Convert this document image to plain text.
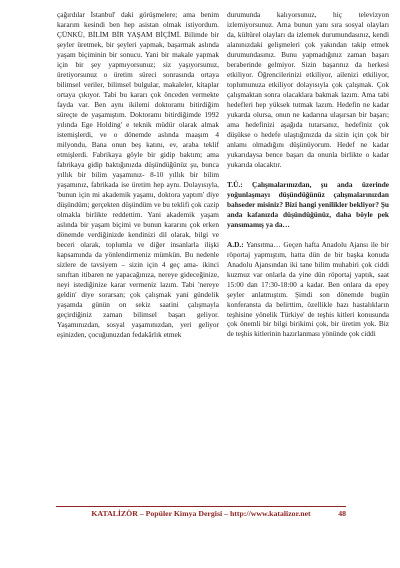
çağırdılar İstanbul' daki görüşmelere; ama benim kararım kesindi ben hep asistan olmak istiyordum. ÇÜNKÜ, BİLİM BİR YAŞAM BİÇİMİ. Bilimde bir şeyler üretmek, bir şeyleri yapmak, başarmak aslında yaşam biçiminin bir sonucu. Yani bir makale yapmak için bir şey yapmıyorsunuz; siz yaşıyorsunuz, üretiyorsunuz o üretim süreci sonrasında ortaya bilimsel veriler, bilimsel bulgular, makaleler, kitaplar ortaya çıkıyor. Tabi bu kararı çok önceden vermekte fayda var. Ben aynı ikilemi doktoramı bitirdiğim süreçte de yaşamıştım. Doktoramı bitirdiğimde 1992 yılında Ege Holding' e teknik müdür olarak almak istemişlerdi, ve o dönemde aslında maaşım 4 milyondu, Bana onun beş katını, ev, araba teklif etmişlerdi. Fabrikaya göyle bir gidip baktım; ama fabrikaya gidip baktığınızda düşündüğünüz şu, bunca yıllık bir bilim yaşamınız- 8-10 yıllık bir bilim yaşamınız, fabrikada ise üretim hep aynı. Dolayısıyla, 'bunun için mi akademik yaşamı, doktora yaptım' diye düşündüm; gerçekten düşündüm ve bu teklifi çok cazip olmakla birlikte reddettim. Yani akademik yaşam aslında bir yaşam biçimi ve bunun kararını çok erken dönemde verdiğinizde kendinizi dil olarak, bilgi ve beceri olarak, toplumla ve diğer insanlarla ilişki kapsamında da yönlendirmeniz mümkün. Bu nedenle sizlere de tavsiyem – sizin için 4 geç ama- ikinci sınıftan itibaren ne yapacağınıza, nereye gideceğinize, neyi istediğinize karar vermeniz lazım. Tabi 'nereye geldin' diye sorarsan; çok çalışmak yani gündelik yaşamda günün on sekiz saatini çalışmayla geçirdiğiniz zaman bilimsel başarı geliyor. Yaşamınızdan, sosyal yaşamınızdan, yeri geliyor eşinizden, çocuğunuzdan fedakârlık etmek

durumunda kalıyorsunuz, hiç televizyon izlemiyorsunuz. Ama bunun yanı sıra sosyal olayları da, kültürel olayları da izlemek durumundasınız, kendi alanınızdaki gelişmeleri çok yakından takip etmek durumundasınız. Bunu yapmadığınız zaman başarı beraberinde gelmiyor. Sizin başarınız da herkesi etkiliyor. Öğrencilerinizi etkiliyor, ailenizi etkiliyor, toplumunuza etkiliyor dolayısıyla çok çalışmak. Çok çalışmaktan sonra olacaklara bakmak lazım. Ama tabi hedefleri hep yüksek tutmak lazım. Hedefin ne kadar yukarda olursa, onun ne kadarına ulaşırsan bir başarı; ama hedefinizi aşağıda tutarsanız, hedefiniz çok düşükse o hedefe ulaştığınızda da sizin için çok bir anlamı olmadığını düşünüyorum. Hedef ne kadar yukarıdaysa bence başarı da onunla birlikte o kadar yukarıda olacaktır.

T.Ü.: Çalışmalarınızdan, şu anda üzerinde yoğunlaşmayı düşündüğünüz çalışmalarınızdan bahseder misiniz? Bizi hangi yenilikler bekliyor? Şu anda kafanızda düşündüğünüz, daha böyle pek yansımamış ya da…

A.D.: Yansıtma… Geçen hafta Anadolu Ajansı ile bir röportaj yapmıştım, hatta dün de bir başka konuda Anadolu Ajansından iki tane bilim muhabiri çok ciddi kuzmuz var onlarla da yine dün röportaj yaptık, saat 15:00 dan 17:30-18:00 a kadar. Ben onlara da epey şeyler anlatmıştım. Şimdi son dönemde bugün konferansta da belirttim, özellikle bazı hastalıkların teşhisine yönelik Türkiye' de teşhis kitleri konusunda çok önemli bir bilgi birikimi çok, bir üretim yok. Biz de teşhis kitlerinin hazırlanması yönünde çok ciddi

KATALİZÖR – Popüler Kimya Dergisi – http://www.katalizor.net	48
